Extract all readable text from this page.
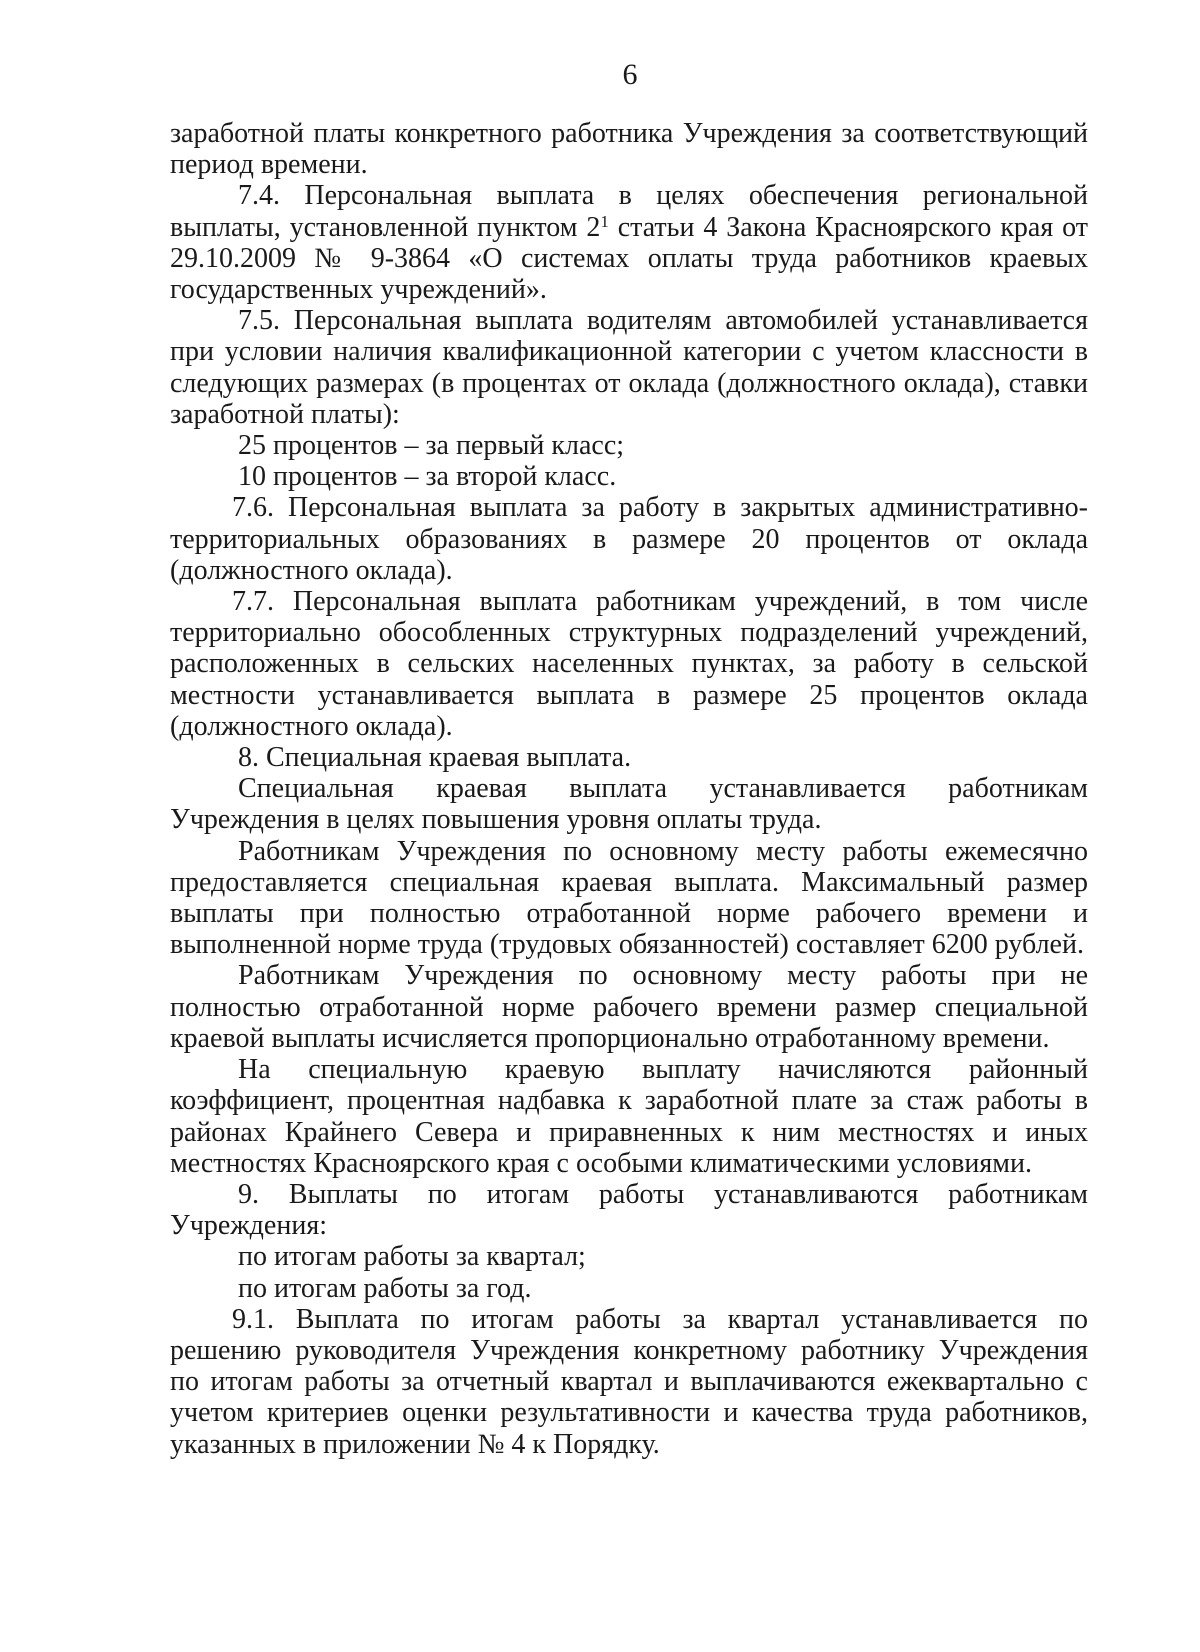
6

заработной платы конкретного работника Учреждения за соответствующий период времени.

7.4. Персональная выплата в целях обеспечения региональной выплаты, установленной пунктом $2^1$ статьи 4 Закона Красноярского края от 29.10.2009 № 9-3864 «О системах оплаты труда работников краевых государственных учреждений».

7.5. Персональная выплата водителям автомобилей устанавливается при условии наличия квалификационной категории с учетом классности в следующих размерах (в процентах от оклада (должностного оклада), ставки заработной платы):

25 процентов – за первый класс;

10 процентов – за второй класс.

7.6. Персональная выплата за работу в закрытых административно-территориальных образованиях в размере 20 процентов от оклада (должностного оклада).

7.7. Персональная выплата работникам учреждений, в том числе территориально обособленных структурных подразделений учреждений, расположенных в сельских населенных пунктах, за работу в сельской местности устанавливается выплата в размере 25 процентов оклада (должностного оклада).

8. Специальная краевая выплата.

Специальная краевая выплата устанавливается работникам Учреждения в целях повышения уровня оплаты труда.

Работникам Учреждения по основному месту работы ежемесячно предоставляется специальная краевая выплата. Максимальный размер выплаты при полностью отработанной норме рабочего времени и выполненной норме труда (трудовых обязанностей) составляет 6200 рублей.

Работникам Учреждения по основному месту работы при не полностью отработанной норме рабочего времени размер специальной краевой выплаты исчисляется пропорционально отработанному времени.

На специальную краевую выплату начисляются районный коэффициент, процентная надбавка к заработной плате за стаж работы в районах Крайнего Севера и приравненных к ним местностях и иных местностях Красноярского края с особыми климатическими условиями.

9. Выплаты по итогам работы устанавливаются работникам Учреждения:

по итогам работы за квартал;

по итогам работы за год.

9.1. Выплата по итогам работы за квартал устанавливается по решению руководителя Учреждения конкретному работнику Учреждения по итогам работы за отчетный квартал и выплачиваются ежеквартально с учетом критериев оценки результативности и качества труда работников, указанных в приложении № 4 к Порядку.
